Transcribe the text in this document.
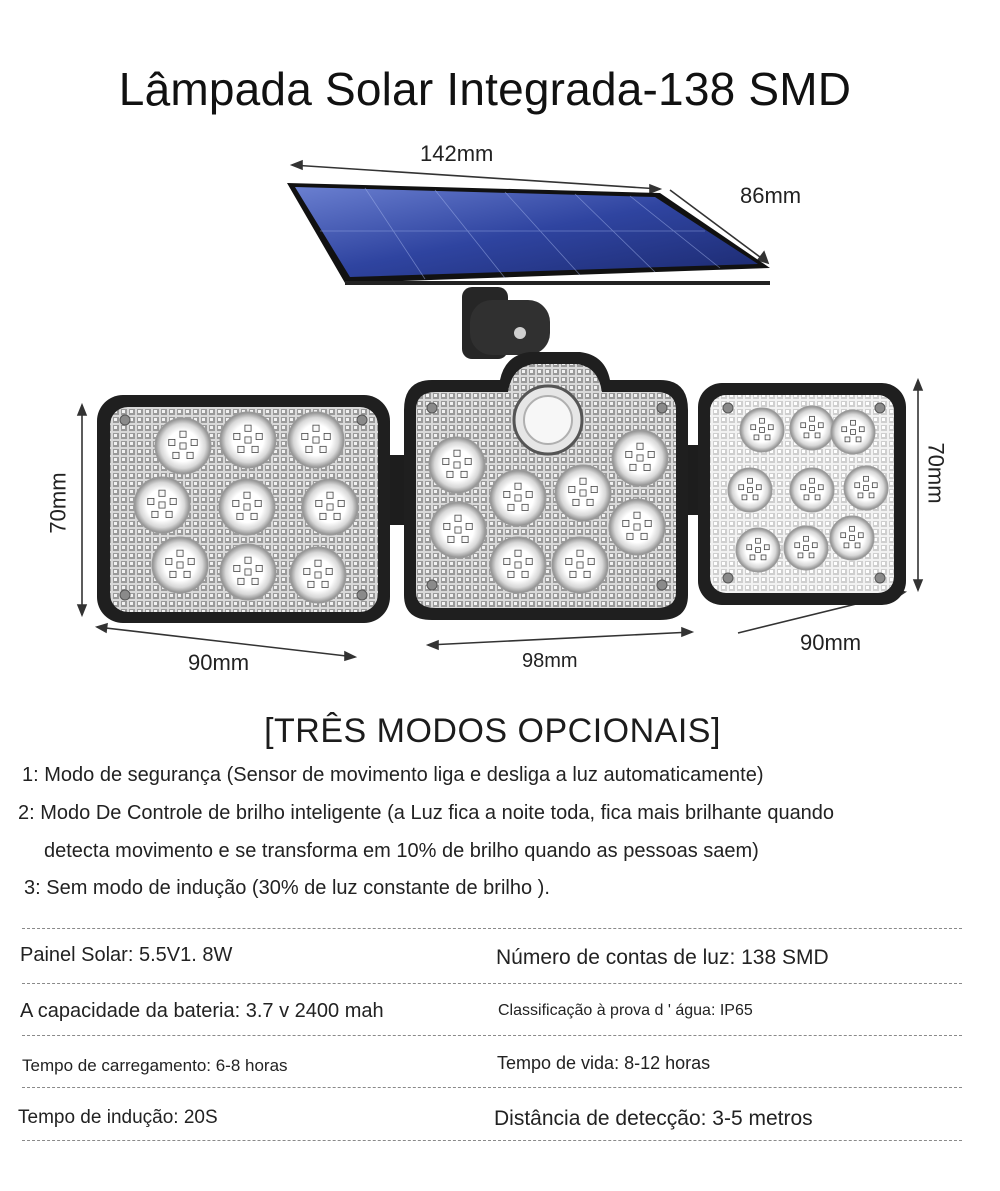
Lâmpada Solar Integrada-138 SMD
142mm
86mm
70mm	70mm
90mm	98mm
90mm
[TRÊS MODOS OPCIONAIS]
1: Modo de segurança (Sensor de movimento liga e desliga a luz automaticamente)
2: Modo De Controle de brilho inteligente (a Luz fica a noite toda, fica mais brilhante quando
detecta movimento e se transforma em 10% de brilho quando as pessoas saem)
3: Sem modo de indução (30% de luz constante de brilho ).
Painel Solar: 5.5V1. 8W	Número de contas de luz: 138 SMD
A capacidade da bateria: 3.7 v 2400 mah	Classificação à prova d ' água: IP65
Tempo de carregamento: 6-8 horas	Tempo de vida: 8-12 horas
Tempo de indução: 20S	Distância de detecção: 3-5 metros
